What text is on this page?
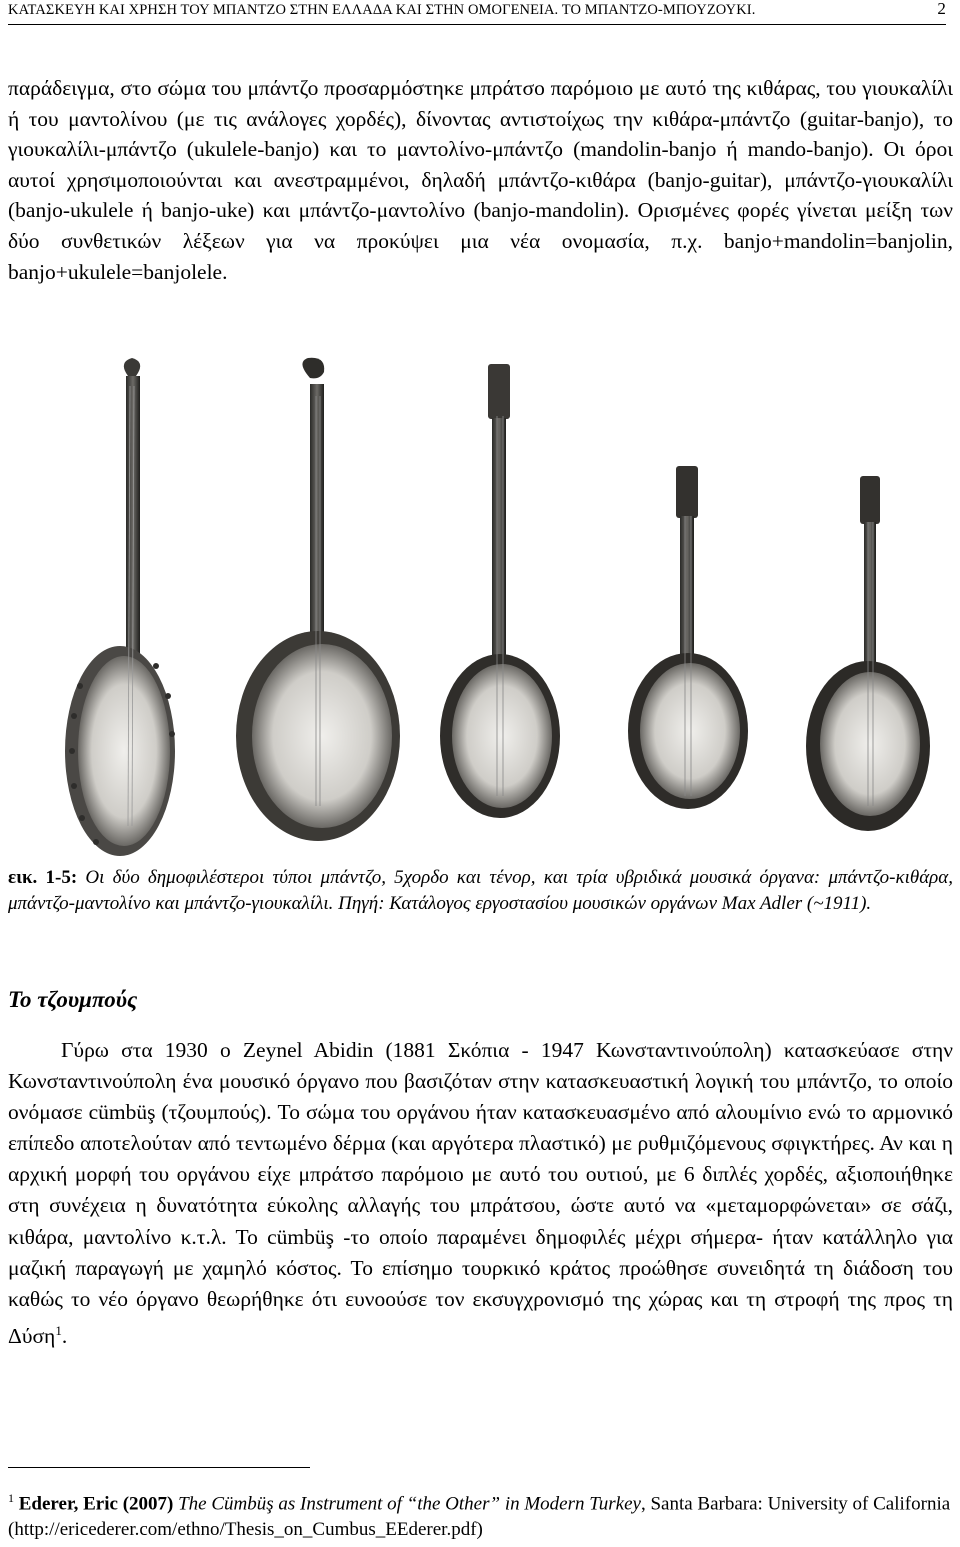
ΚΑΤΑΣΚΕΥΗ ΚΑΙ ΧΡΗΣΗ ΤΟΥ ΜΠΑΝΤΖΟ ΣΤΗΝ ΕΛΛΑΔΑ ΚΑΙ ΣΤΗΝ ΟΜΟΓΕΝΕΙΑ. ΤΟ ΜΠΑΝΤΖΟ-ΜΠΟΥΖΟΥΚΙ.	2

παράδειγμα, στο σώμα του μπάντζο προσαρμόστηκε μπράτσο παρόμοιο με αυτό της κιθάρας, του γιουκαλίλι ή του μαντολίνου (με τις ανάλογες χορδές), δίνοντας αντιστοίχως την κιθάρα-μπάντζο (guitar-banjo), το γιουκαλίλι-μπάντζο (ukulele-banjo) και το μαντολίνο-μπάντζο (mandolin-banjo ή mando-banjo). Οι όροι αυτοί χρησιμοποιούνται και ανεστραμμένοι, δηλαδή μπάντζο-κιθάρα (banjo-guitar), μπάντζο-γιουκαλίλι (banjo-ukulele ή banjo-uke) και μπάντζο-μαντολίνο (banjo-mandolin). Ορισμένες φορές γίνεται μείξη των δύο συνθετικών λέξεων για να προκύψει μια νέα ονομασία, π.χ. banjo+mandolin=banjolin, banjo+ukulele=banjolele.

εικ. 1-5: Οι δύο δημοφιλέστεροι τύποι μπάντζο, 5χορδο και τένορ, και τρία υβριδικά μουσικά όργανα: μπάντζο-κιθάρα, μπάντζο-μαντολίνο και μπάντζο-γιουκαλίλι. Πηγή: Κατάλογος εργοστασίου μουσικών οργάνων Max Adler (~1911).

Το τζουμπούς

Γύρω στα 1930 ο Zeynel Abidin (1881 Σκόπια - 1947 Κωνσταντινούπολη) κατασκεύασε στην Κωνσταντινούπολη ένα μουσικό όργανο που βασιζόταν στην κατασκευαστική λογική του μπάντζο, το οποίο ονόμασε cümbüş (τζουμπούς). Το σώμα του οργάνου ήταν κατασκευασμένο από αλουμίνιο ενώ το αρμονικό επίπεδο αποτελούταν από τεντωμένο δέρμα (και αργότερα πλαστικό) με ρυθμιζόμενους σφιγκτήρες. Αν και η αρχική μορφή του οργάνου είχε μπράτσο παρόμοιο με αυτό του ουτιού, με 6 διπλές χορδές, αξιοποιήθηκε στη συνέχεια η δυνατότητα εύκολης αλλαγής του μπράτσου, ώστε αυτό να «μεταμορφώνεται» σε σάζι, κιθάρα, μαντολίνο κ.τ.λ. Το cümbüş -το οποίο παραμένει δημοφιλές μέχρι σήμερα- ήταν κατάλληλο για μαζική παραγωγή με χαμηλό κόστος. Το επίσημο τουρκικό κράτος προώθησε συνειδητά τη διάδοση του καθώς το νέο όργανο θεωρήθηκε ότι ευνοούσε τον εκσυγχρονισμό της χώρας και τη στροφή της προς τη Δύση$^1$.

$^1$ Ederer, Eric (2007) The Cümbüş as Instrument of “the Other” in Modern Turkey, Santa Barbara: University of California (http://ericederer.com/ethno/Thesis_on_Cumbus_EEderer.pdf)
